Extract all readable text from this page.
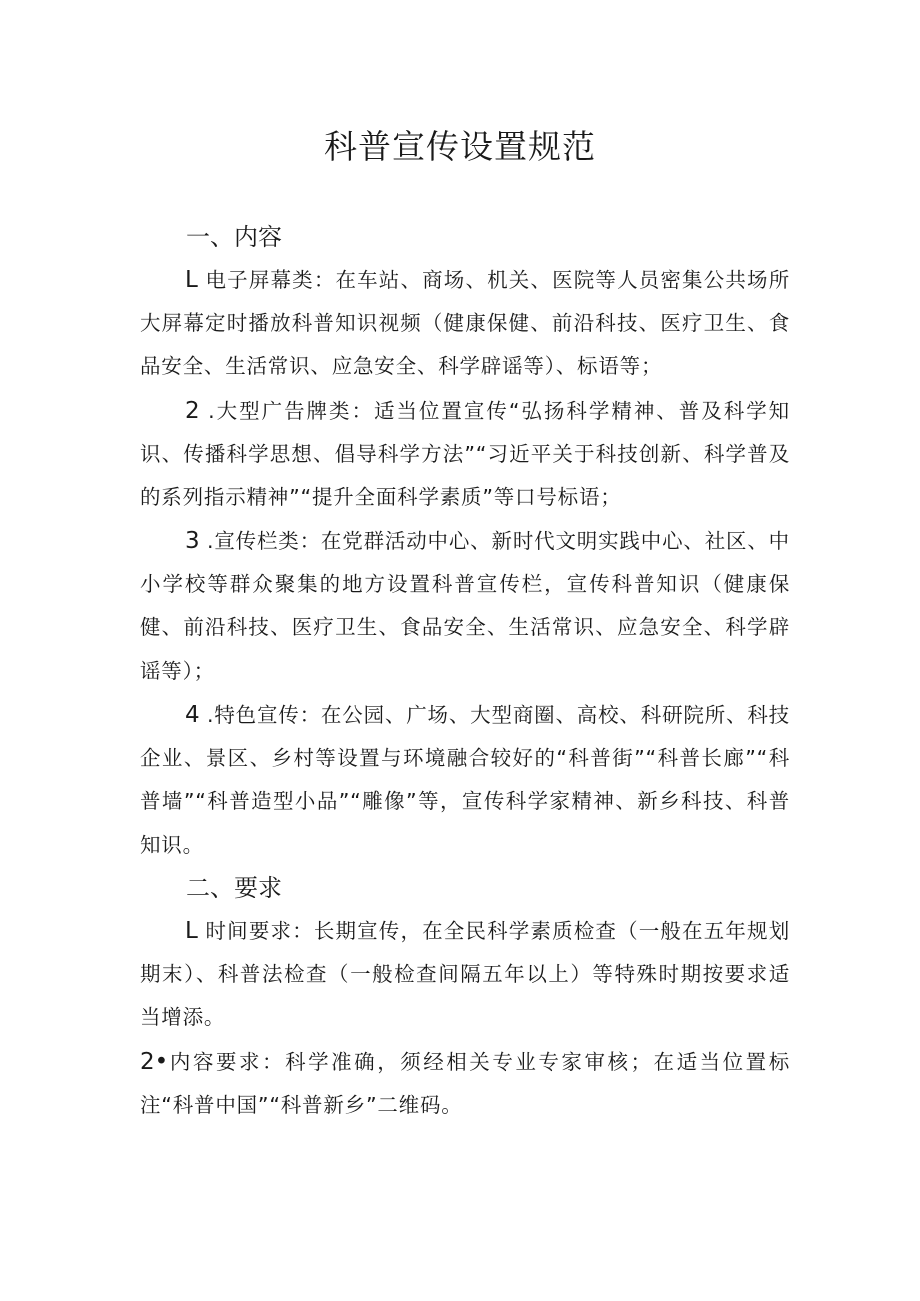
科普宣传设置规范
一、内容
L 电子屏幕类：在车站、商场、机关、医院等人员密集公共场所大屏幕定时播放科普知识视频（健康保健、前沿科技、医疗卫生、食品安全、生活常识、应急安全、科学辟谣等）、标语等；
2 .大型广告牌类：适当位置宣传“弘扬科学精神、普及科学知识、传播科学思想、倡导科学方法”“习近平关于科技创新、科学普及的系列指示精神”“提升全面科学素质”等口号标语；
3 .宣传栏类：在党群活动中心、新时代文明实践中心、社区、中小学校等群众聚集的地方设置科普宣传栏，宣传科普知识（健康保健、前沿科技、医疗卫生、食品安全、生活常识、应急安全、科学辟谣等）；
4 .特色宣传：在公园、广场、大型商圈、高校、科研院所、科技企业、景区、乡村等设置与环境融合较好的“科普街”“科普长廊”“科普墙”“科普造型小品”“雕像”等，宣传科学家精神、新乡科技、科普知识。
二、要求
L 时间要求：长期宣传，在全民科学素质检查（一般在五年规划期末）、科普法检查（一般检查间隔五年以上）等特殊时期按要求适当增添。
2•内容要求：科学准确，须经相关专业专家审核；在适当位置标注“科普中国”“科普新乡”二维码。
